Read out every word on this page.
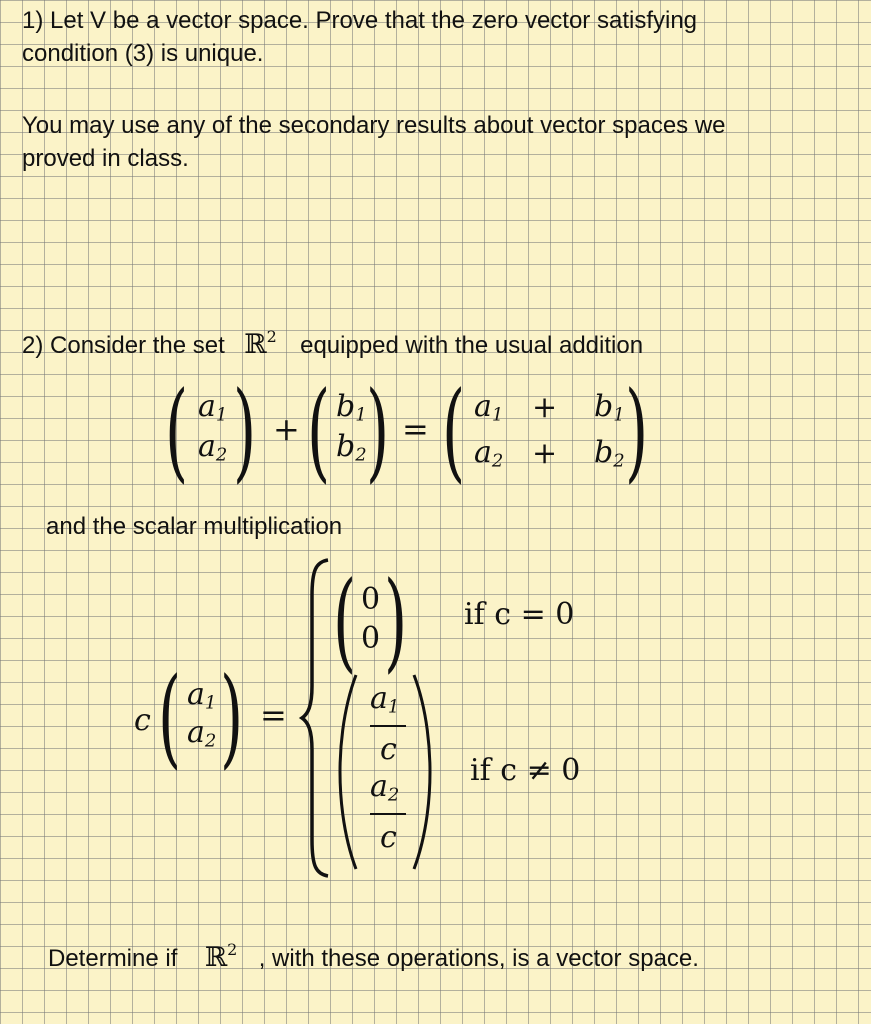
1) Let V be a vector space. Prove that the zero vector satisfying
condition (3) is unique.
You may use any of the secondary results about vector spaces we
proved in class.
2) Consider the set ℝ$^2$ equipped with the usual addition
( $a_1$
$a_2$ ) + ( $b_1$
$b_2$ ) = ( $a_1 + b_1$
$a_2 + b_2$ )
and the scalar multiplication
c ( $a_1$
$a_2$ ) =
( 0
0 ) if c = 0
$a_1$
c
$a_2$
c
if c ≠ 0
Determine if ℝ$^2$ , with these operations, is a vector space.
